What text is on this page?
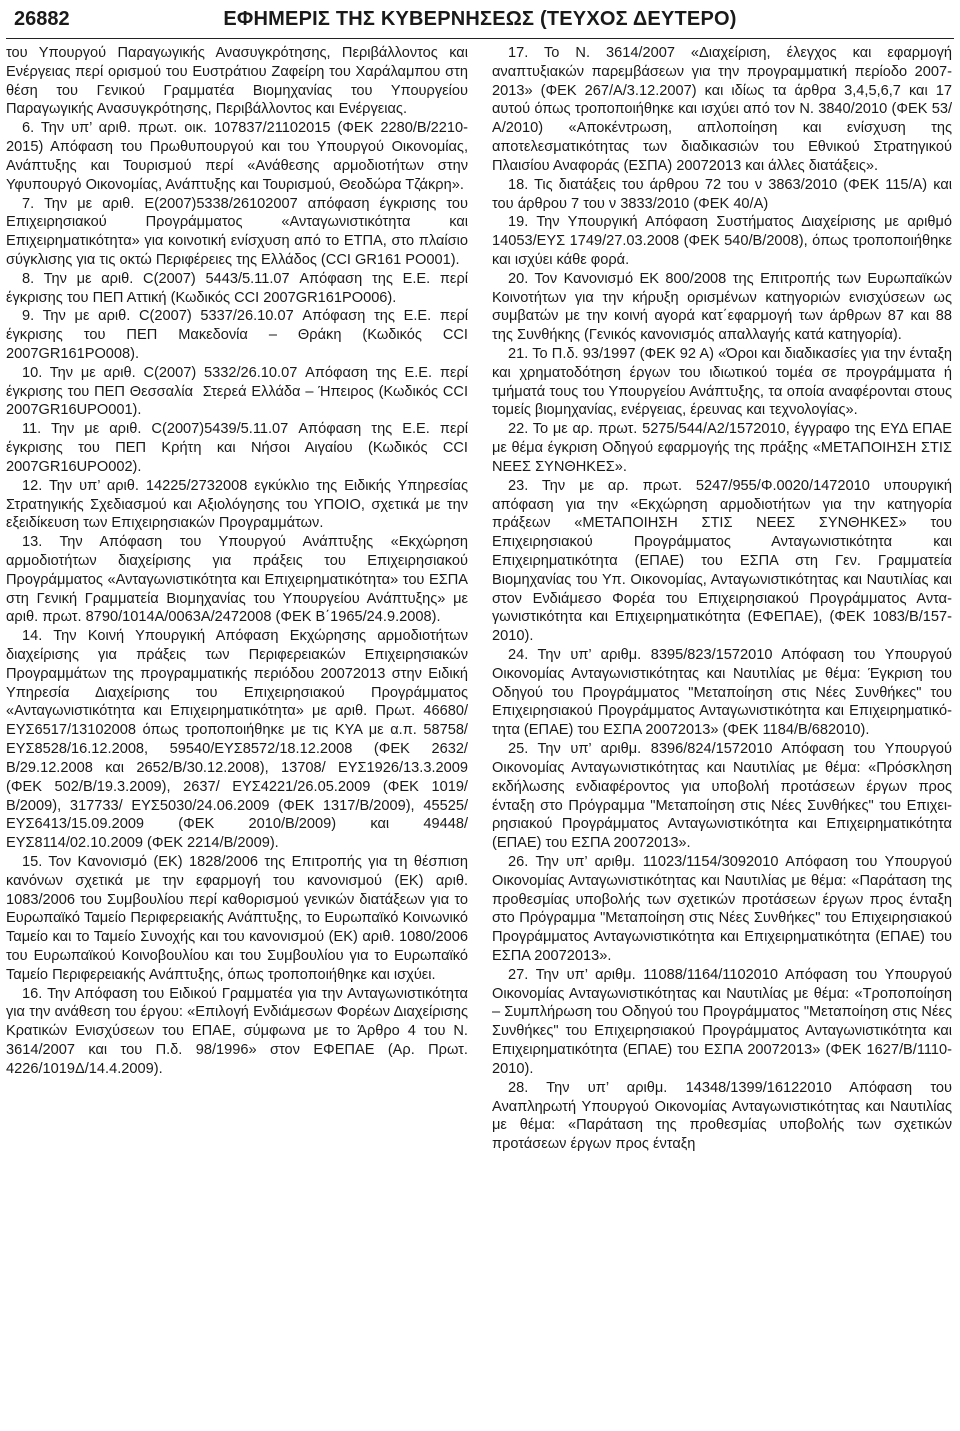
26882	ΕΦΗΜΕΡΙΣ ΤΗΣ ΚΥΒΕΡΝΗΣΕΩΣ (ΤΕΥΧΟΣ ΔΕΥΤΕΡΟ)

του Υπουργού Παραγωγικής Ανασυγκρότησης, Περιβάλλοντος και Ενέργειας περί ορισμού του Ευστράτιου Ζαφείρη του Χαράλαμπου στη θέση του Γενικού Γραμματέα Βιομηχανίας του Υπουργείου Παραγωγικής Ανασυγκρότησης, Περιβάλλοντος και Ενέργειας.

6. Την υπ’ αριθ. πρωτ. οικ. 107837/21102015 (ΦΕΚ 2280/Β/22102015) Απόφαση του Πρωθυπουργού και του Υπουργού Οικονομίας, Ανάπτυξης και Τουρισμού περί «Ανάθεσης αρμοδιοτήτων στην Υφυπουργό Οικονομίας, Ανάπτυξης και Τουρισμού, Θεοδώρα Τζάκρη».

7. Την με αριθ. Ε(2007)5338/26102007 απόφαση έγκρισης του Επιχειρησιακού Προγράμματος «Ανταγωνιστικότητα και Επιχειρηματικότητα» για κοινοτική ενίσχυση από το ΕΤΠΑ, στο πλαίσιο σύγκλισης για τις οκτώ Περιφέρειες της Ελλάδος (CCI GR161 PO001).

8. Την με αριθ. C(2007) 5443/5.11.07 Απόφαση της Ε.Ε. περί έγκρισης του ΠΕΠ Αττική (Κωδικός CCI 2007GR161PO006).

9. Την με αριθ. C(2007) 5337/26.10.07 Απόφαση της Ε.Ε. περί έγκρισης του ΠΕΠ Μακεδονία – Θράκη (Κωδικός CCI 2007GR161PO008).

10. Την με αριθ. C(2007) 5332/26.10.07 Απόφαση της Ε.Ε. περί έγκρισης του ΠΕΠ Θεσσαλία Στερεά Ελλάδα – Ήπειρος (Κωδικός CCI 2007GR16UPO001).

11. Την με αριθ. C(2007)5439/5.11.07 Απόφαση της Ε.Ε. περί έγκρισης του ΠΕΠ Κρήτη και Νήσοι Αιγαίου (Κωδικός CCI 2007GR16UPO002).

12. Την υπ’ αριθ. 14225/2732008 εγκύκλιο της Ειδικής Υπηρεσίας Στρατηγικής Σχεδιασμού και Αξιολόγησης του ΥΠΟΙΟ, σχετικά με την εξειδίκευση των Επιχειρησιακών Προγραμμάτων.

13. Την Απόφαση του Υπουργού Ανάπτυξης «Εκχώρηση αρμοδιοτήτων διαχείρισης για πράξεις του Επιχειρησιακού Προγράμματος «Ανταγωνιστικότητα και Επιχειρηματικότητα» του ΕΣΠΑ στη Γενική Γραμματεία Βιομηχανίας του Υπουργείου Ανάπτυξης» με αριθ. πρωτ. 8790/1014Α/0063Α/2472008 (ΦΕΚ Β΄1965/24.9.2008).

14. Την Κοινή Υπουργική Απόφαση Εκχώρησης αρμοδιοτήτων διαχείρισης για πράξεις των Περιφερειακών Επιχειρησιακών Προγραμμάτων της προγραμματικής περιόδου 20072013 στην Ειδική Υπηρεσία Διαχείρισης του Επιχειρησιακού Προγράμματος «Ανταγωνιστικότητα και Επιχειρηματικότητα» με αριθ. Πρωτ. 46680/ ΕΥΣ6517/13102008 όπως τροποποιήθηκε με τις ΚΥΑ με α.π. 58758/ΕΥΣ8528/16.12.2008, 59540/ΕΥΣ8572/18.12.2008 (ΦΕΚ 2632/Β/29.12.2008 και 2652/Β/30.12.2008), 13708/ ΕΥΣ1926/13.3.2009 (ΦΕΚ 502/Β/19.3.2009), 2637/ ΕΥΣ4221/26.05.2009 (ΦΕΚ 1019/Β/2009), 317733/ ΕΥΣ5030/24.06.2009 (ΦΕΚ 1317/Β/2009), 45525/ ΕΥΣ6413/15.09.2009 (ΦΕΚ 2010/Β/2009) και 49448/ ΕΥΣ8114/02.10.2009 (ΦΕΚ 2214/Β/2009).

15. Τον Κανονισμό (ΕΚ) 1828/2006 της Επιτροπής για τη θέσπιση κανόνων σχετικά με την εφαρμογή του κανονισμού (ΕΚ) αριθ. 1083/2006 του Συμβουλίου περί καθορισμού γενικών διατάξεων για το Ευρωπαϊκό Ταμείο Περιφερειακής Ανάπτυξης, το Ευρωπαϊκό Κοινωνικό Ταμείο και το Ταμείο Συνοχής και του κανονισμού (ΕΚ) αριθ. 1080/2006 του Ευρωπαϊκού Κοινοβουλίου και του Συμβουλίου για το Ευρωπαϊκό Ταμείο Περιφερειακής Ανάπτυξης, όπως τροποποιήθηκε και ισχύει.

16. Την Απόφαση του Ειδικού Γραμματέα για την Ανταγωνιστικότητα για την ανάθεση του έργου: «Επιλογή Ενδιάμεσων Φορέων Διαχείρισης Κρατικών Ενισχύσεων του ΕΠΑΕ, σύμφωνα με το Άρθρο 4 του Ν. 3614/2007 και του Π.δ. 98/1996» στον ΕΦΕΠΑΕ (Αρ. Πρωτ. 4226/1019Δ/14.4.2009).

17. Το Ν. 3614/2007 «Διαχείριση, έλεγχος και εφαρμογή αναπτυξιακών παρεμβάσεων για την προγραμματική περίοδο 20072013» (ΦΕΚ 267/Α/3.12.2007) και ιδίως τα άρθρα 3,4,5,6,7 και 17 αυτού όπως τροποποιήθηκε και ισχύει από τον Ν. 3840/2010 (ΦΕΚ 53/Α/2010) «Αποκέντρωση, απλοποίηση και ενίσχυση της αποτελεσματικότητας των διαδικασιών του Εθνικού Στρατηγικού Πλαισίου Αναφοράς (ΕΣΠΑ) 20072013 και άλλες διατάξεις».

18. Τις διατάξεις του άρθρου 72 του ν 3863/2010 (ΦΕΚ 115/Α) και του άρθρου 7 του ν 3833/2010 (ΦΕΚ 40/Α)

19. Την Υπουργική Απόφαση Συστήματος Διαχείρισης με αριθμό 14053/ΕΥΣ 1749/27.03.2008 (ΦΕΚ 540/Β/2008), όπως τροποποιήθηκε και ισχύει κάθε φορά.

20. Τον Κανονισμό ΕΚ 800/2008 της Επιτροπής των Ευρωπαϊκών Κοινοτήτων για την κήρυξη ορισμένων κατηγοριών ενισχύσεων ως συμβατών με την κοινή αγορά κατ΄εφαρμογή των άρθρων 87 και 88 της Συνθήκης (Γενικός κανονισμός απαλλαγής κατά κατηγορία).

21. Το Π.δ. 93/1997 (ΦΕΚ 92 Α) «Όροι και διαδικασίες για την ένταξη και χρηματοδότηση έργων του ιδιωτικού τομέα σε προγράμματα ή τμήματά τους του Υπουργείου Ανάπτυξης, τα οποία αναφέρονται στους τομείς βιομηχανίας, ενέργειας, έρευνας και τεχνολογίας».

22. Το με αρ. πρωτ. 5275/544/Α2/1572010, έγγραφο της ΕΥΔ ΕΠΑΕ με θέμα έγκριση Οδηγού εφαρμογής της πράξης «ΜΕΤΑΠΟΙΗΣΗ ΣΤΙΣ ΝΕΕΣ ΣΥΝΘΗΚΕΣ».

23. Την με αρ. πρωτ. 5247/955/Φ.0020/1472010 υπουργική απόφαση για την «Εκχώρηση αρμοδιοτήτων για την κατηγορία πράξεων «ΜΕΤΑΠΟΙΗΣΗ ΣΤΙΣ ΝΕΕΣ ΣΥΝΘΗΚΕΣ» του Επιχειρησιακού Προγράμματος Ανταγωνιστικότητα και Επιχειρηματικότητα (ΕΠΑΕ) του ΕΣΠΑ στη Γεν. Γραμματεία Βιομηχανίας του Υπ. Οικονομίας, Ανταγωνιστικότητας και Ναυτιλίας και στον Ενδιάμεσο Φορέα του Επιχειρησιακού Προγράμματος Ανταγωνιστικότητα και Επιχειρηματικότητα (ΕΦΕΠΑΕ), (ΦΕΚ 1083/Β/1572010).

24. Την υπ’ αριθμ. 8395/823/1572010 Απόφαση του Υπουργού Οικονομίας Ανταγωνιστικότητας και Ναυτιλίας με θέμα: Έγκριση του Οδηγού του Προγράμματος "Μεταποίηση στις Νέες Συνθήκες" του Επιχειρησιακού Προγράμματος Ανταγωνιστικότητα και Επιχειρηματικότητα (ΕΠΑΕ) του ΕΣΠΑ 20072013» (ΦΕΚ 1184/Β/682010).

25. Την υπ’ αριθμ. 8396/824/1572010 Απόφαση του Υπουργού Οικονομίας Ανταγωνιστικότητας και Ναυτιλίας με θέμα: «Πρόσκληση εκδήλωσης ενδιαφέροντος για υποβολή προτάσεων έργων προς ένταξη στο Πρόγραμμα "Μεταποίηση στις Νέες Συνθήκες" του Επιχειρησιακού Προγράμματος Ανταγωνιστικότητα και Επιχειρηματικότητα (ΕΠΑΕ) του ΕΣΠΑ 20072013».

26. Την υπ’ αριθμ. 11023/1154/3092010 Απόφαση του Υπουργού Οικονομίας Ανταγωνιστικότητας και Ναυτιλίας με θέμα: «Παράταση της προθεσμίας υποβολής των σχετικών προτάσεων έργων προς ένταξη στο Πρόγραμμα "Μεταποίηση στις Νέες Συνθήκες" του Επιχειρησιακού Προγράμματος Ανταγωνιστικότητα και Επιχειρηματικότητα (ΕΠΑΕ) του ΕΣΠΑ 20072013».

27. Την υπ’ αριθμ. 11088/1164/1102010 Απόφαση του Υπουργού Οικονομίας Ανταγωνιστικότητας και Ναυτιλίας με θέμα: «Τροποποίηση – Συμπλήρωση του Οδηγού του Προγράμματος "Μεταποίηση στις Νέες Συνθήκες" του Επιχειρησιακού Προγράμματος Ανταγωνιστικότητα και Επιχειρηματικότητα (ΕΠΑΕ) του ΕΣΠΑ 20072013» (ΦΕΚ 1627/Β/11102010).

28. Την υπ’ αριθμ. 14348/1399/16122010 Απόφαση του Αναπληρωτή Υπουργού Οικονομίας Ανταγωνιστικότητας και Ναυτιλίας με θέμα: «Παράταση της προθεσμίας υποβολής των σχετικών προτάσεων έργων προς ένταξη
